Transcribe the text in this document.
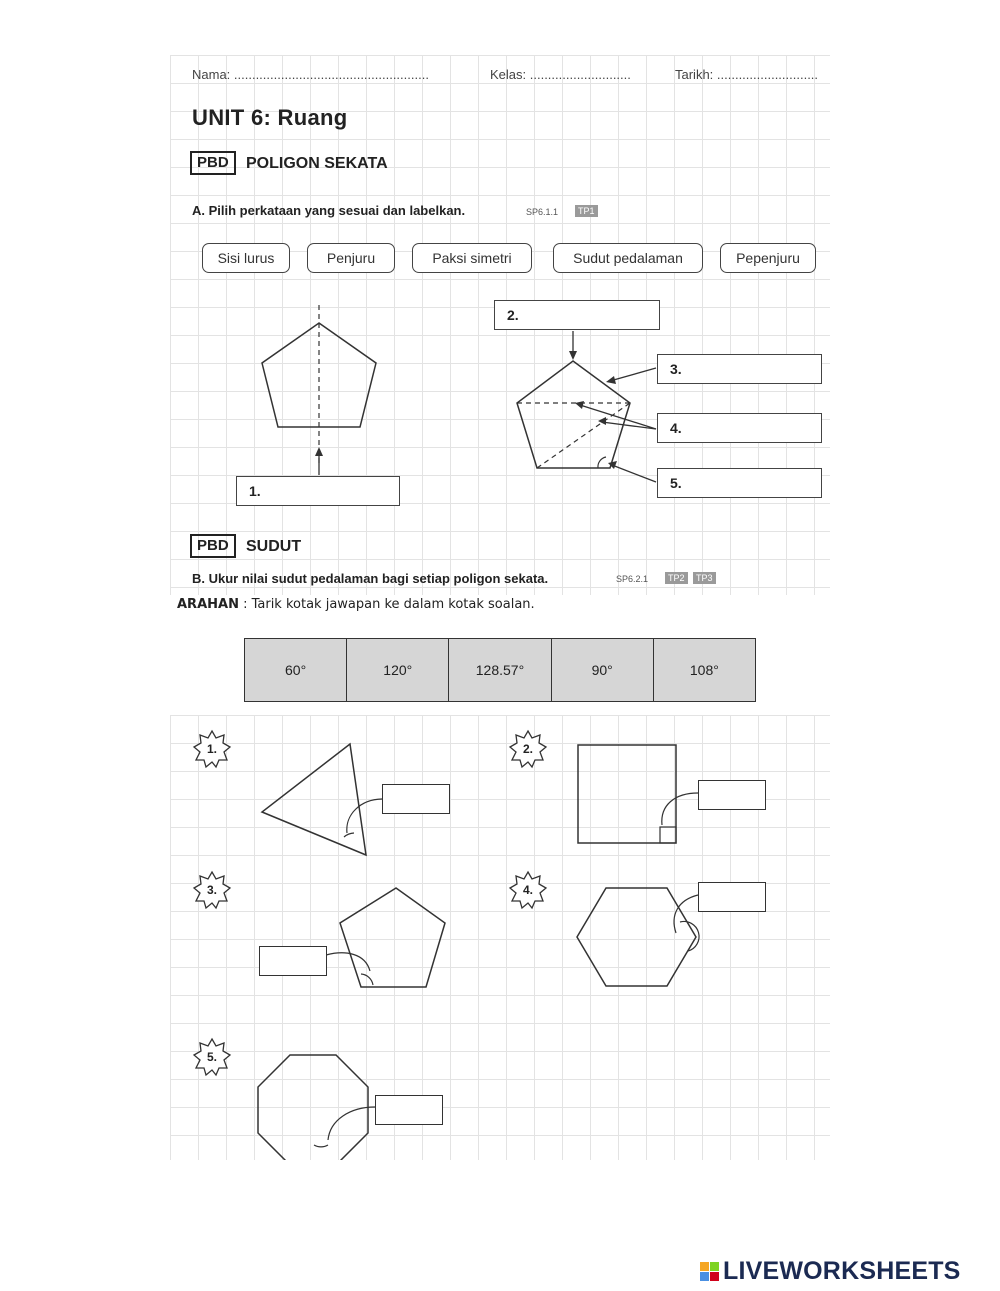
Nama: ......................................................	Kelas: ............................	Tarikh: ............................
UNIT 6: Ruang
PBD	POLIGON SEKATA
A. Pilih perkataan yang sesuai dan labelkan.	SP6.1.1	TP1
Sisi lurus	Penjuru	Paksi simetri	Sudut pedalaman	Pepenjuru
1.
2.
3.
4.
5.
PBD	SUDUT
B. Ukur nilai sudut pedalaman bagi setiap poligon sekata.	SP6.2.1	TP2	TP3
ARAHAN : Tarik kotak jawapan ke dalam kotak soalan.
60°	120°	128.57°	90°	108°
1.	2.
3.	4.
5.
LIVEWORKSHEETS
